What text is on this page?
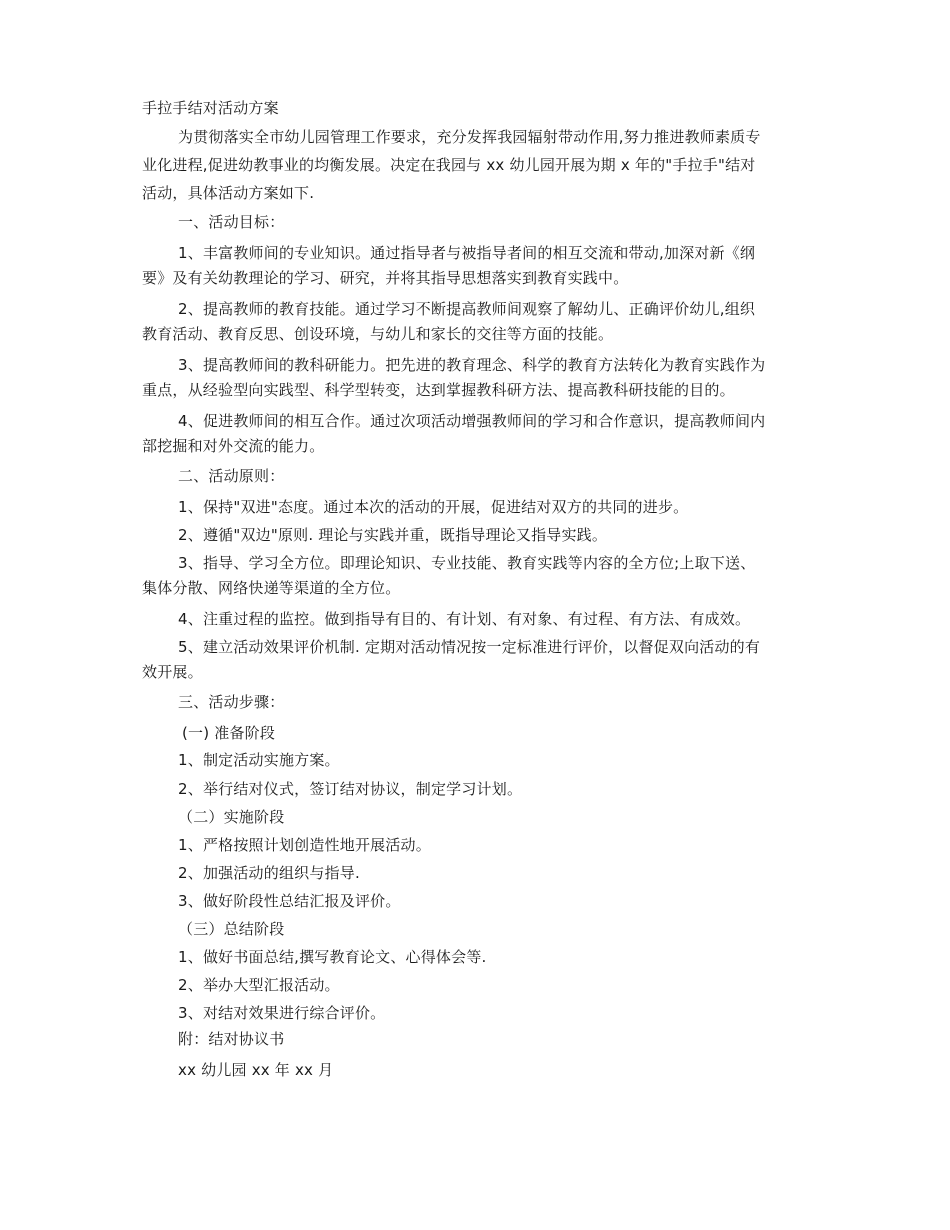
手拉手结对活动方案
为贯彻落实全市幼儿园管理工作要求，充分发挥我园辐射带动作用,努力推进教师素质专
业化进程,促进幼教事业的均衡发展。决定在我园与 xx 幼儿园开展为期 x 年的"手拉手"结对
活动，具体活动方案如下.
一、活动目标：
1、丰富教师间的专业知识。通过指导者与被指导者间的相互交流和带动,加深对新《纲
要》及有关幼教理论的学习、研究，并将其指导思想落实到教育实践中。
2、提高教师的教育技能。通过学习不断提高教师间观察了解幼儿、正确评价幼儿,组织
教育活动、教育反思、创设环境，与幼儿和家长的交往等方面的技能。
3、提高教师间的教科研能力。把先进的教育理念、科学的教育方法转化为教育实践作为
重点，从经验型向实践型、科学型转变，达到掌握教科研方法、提高教科研技能的目的。
4、促进教师间的相互合作。通过次项活动增强教师间的学习和合作意识，提高教师间内
部挖掘和对外交流的能力。
二、活动原则：
1、保持"双进"态度。通过本次的活动的开展，促进结对双方的共同的进步。
2、遵循"双边"原则. 理论与实践并重，既指导理论又指导实践。
3、指导、学习全方位。即理论知识、专业技能、教育实践等内容的全方位;上取下送、
集体分散、网络快递等渠道的全方位。
4、注重过程的监控。做到指导有目的、有计划、有对象、有过程、有方法、有成效。
5、建立活动效果评价机制. 定期对活动情况按一定标准进行评价，以督促双向活动的有
效开展。
三、活动步骤：
(一) 准备阶段
1、制定活动实施方案。
2、举行结对仪式，签订结对协议，制定学习计划。
（二）实施阶段
1、严格按照计划创造性地开展活动。
2、加强活动的组织与指导.
3、做好阶段性总结汇报及评价。
（三）总结阶段
1、做好书面总结,撰写教育论文、心得体会等.
2、举办大型汇报活动。
3、对结对效果进行综合评价。
附：结对协议书
xx 幼儿园 xx 年 xx 月
